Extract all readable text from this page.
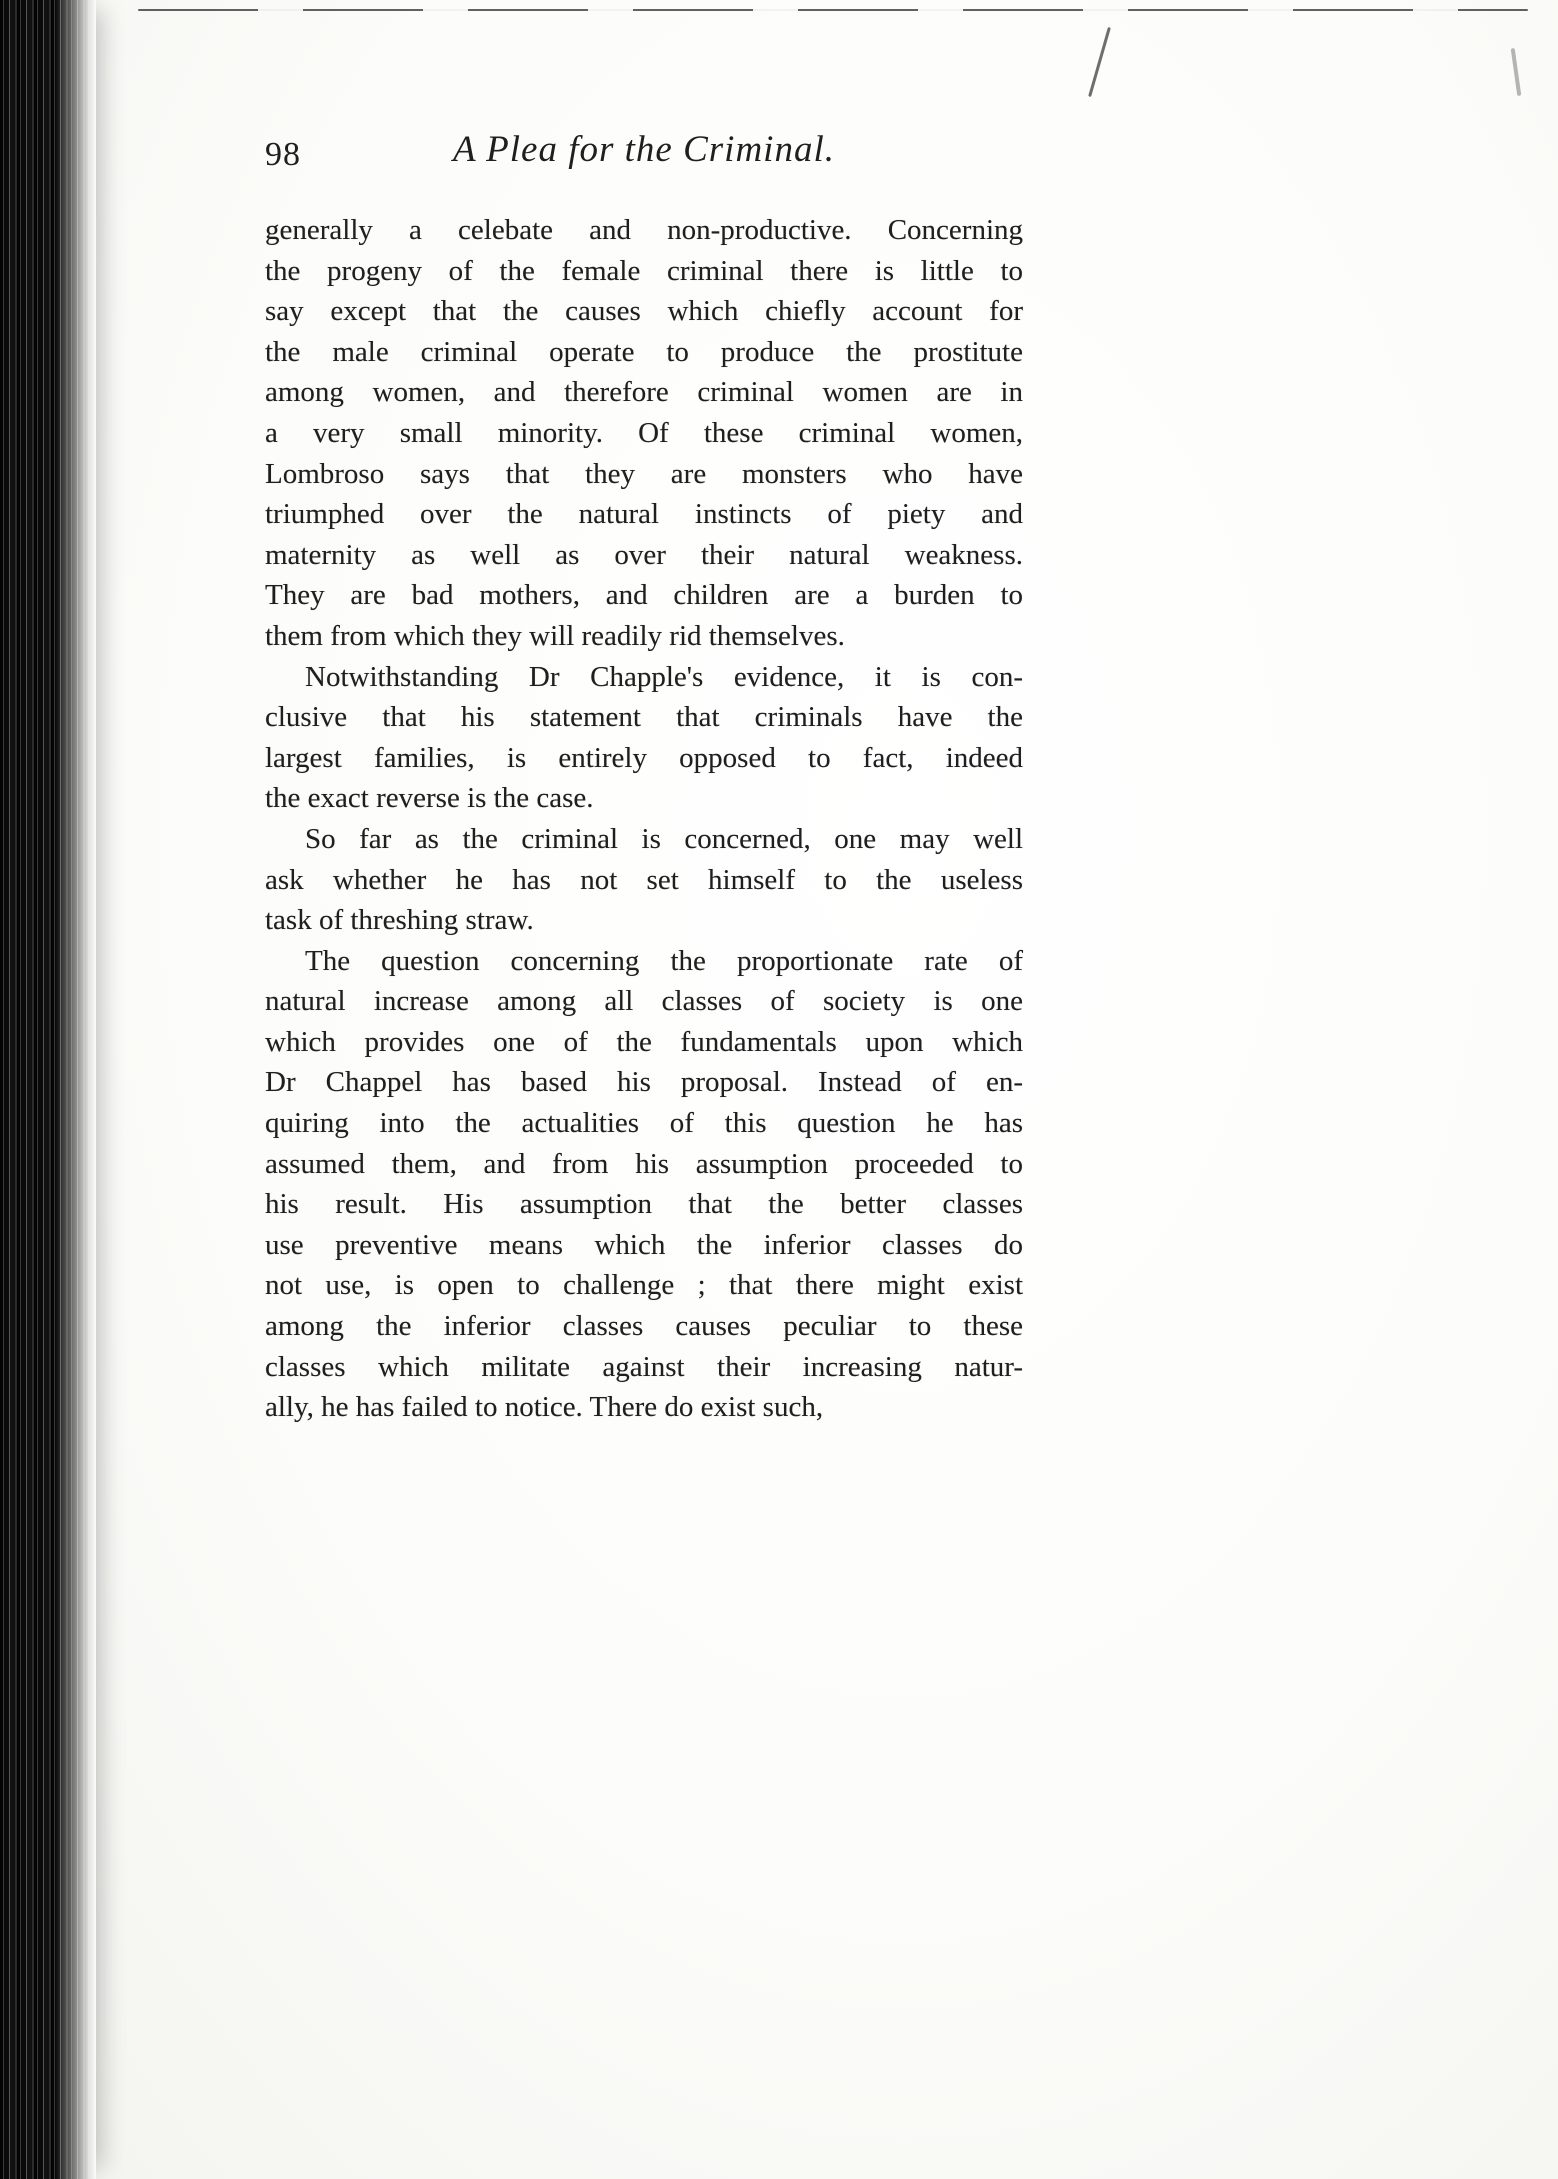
98	A Plea for the Criminal.

generally a celebate and non-productive. Concerning
the progeny of the female criminal there is little to
say except that the causes which chiefly account for
the male criminal operate to produce the prostitute
among women, and therefore criminal women are in
a very small minority. Of these criminal women,
Lombroso says that they are monsters who have
triumphed over the natural instincts of piety and
maternity as well as over their natural weakness.
They are bad mothers, and children are a burden to
them from which they will readily rid themselves.

Notwithstanding Dr Chapple's evidence, it is con-
clusive that his statement that criminals have the
largest families, is entirely opposed to fact, indeed
the exact reverse is the case.

So far as the criminal is concerned, one may well
ask whether he has not set himself to the useless
task of threshing straw.

The question concerning the proportionate rate of
natural increase among all classes of society is one
which provides one of the fundamentals upon which
Dr Chappel has based his proposal. Instead of en-
quiring into the actualities of this question he has
assumed them, and from his assumption proceeded to
his result. His assumption that the better classes
use preventive means which the inferior classes do
not use, is open to challenge ; that there might exist
among the inferior classes causes peculiar to these
classes which militate against their increasing natur-
ally, he has failed to notice. There do exist such,
